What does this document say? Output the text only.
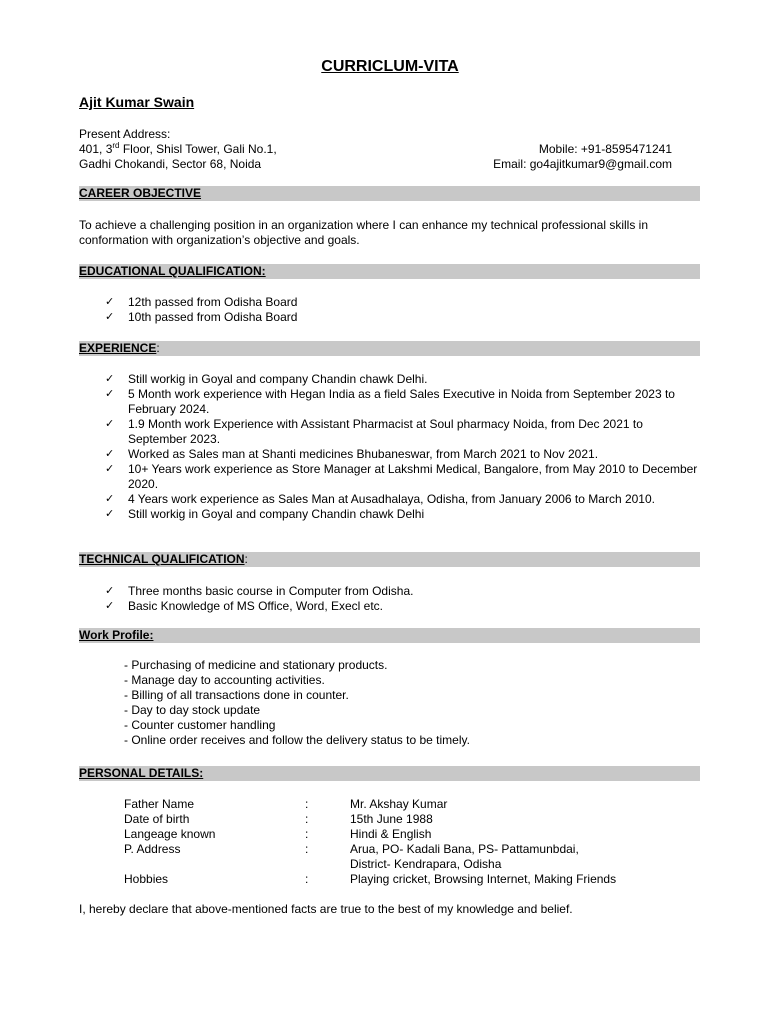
CURRICLUM-VITA
Ajit Kumar Swain
Present Address:
401, 3rd Floor, Shisl Tower, Gali No.1,
Gadhi Chokandi, Sector 68, Noida
Mobile: +91-8595471241
Email: go4ajitkumar9@gmail.com
CAREER OBJECTIVE
To achieve a challenging position in an organization where I can enhance my technical professional skills in conformation with organization’s objective and goals.
EDUCATIONAL QUALIFICATION:
✓ 12th passed from Odisha Board
✓ 10th passed from Odisha Board
EXPERIENCE:
✓ Still workig in Goyal and company Chandin chawk Delhi.
✓ 5 Month work experience with Hegan India as a field Sales Executive in Noida from September 2023 to February 2024.
✓ 1.9 Month work Experience with Assistant Pharmacist at Soul pharmacy Noida, from Dec 2021 to September 2023.
✓ Worked as Sales man at Shanti medicines Bhubaneswar, from March 2021 to Nov 2021.
✓ 10+ Years work experience as Store Manager at Lakshmi Medical, Bangalore, from May 2010 to December 2020.
✓ 4 Years work experience as Sales Man at Ausadhalaya, Odisha, from January 2006 to March 2010.
✓ Still workig in Goyal and company Chandin chawk Delhi
TECHNICAL QUALIFICATION:
✓ Three months basic course in Computer from Odisha.
✓ Basic Knowledge of MS Office, Word, Execl etc.
Work Profile:
- Purchasing of medicine and stationary products.
- Manage day to accounting activities.
- Billing of all transactions done in counter.
- Day to day stock update
- Counter customer handling
- Online order receives and follow the delivery status to be timely.
PERSONAL DETAILS:
Father Name	:	Mr. Akshay Kumar
Date of birth	:	15th June 1988
Langeage known	:	Hindi & English
P. Address	:	Arua, PO- Kadali Bana, PS- Pattamunbdai,
District- Kendrapara, Odisha
Hobbies	:	Playing cricket, Browsing Internet, Making Friends
I, hereby declare that above-mentioned facts are true to the best of my knowledge and belief.
